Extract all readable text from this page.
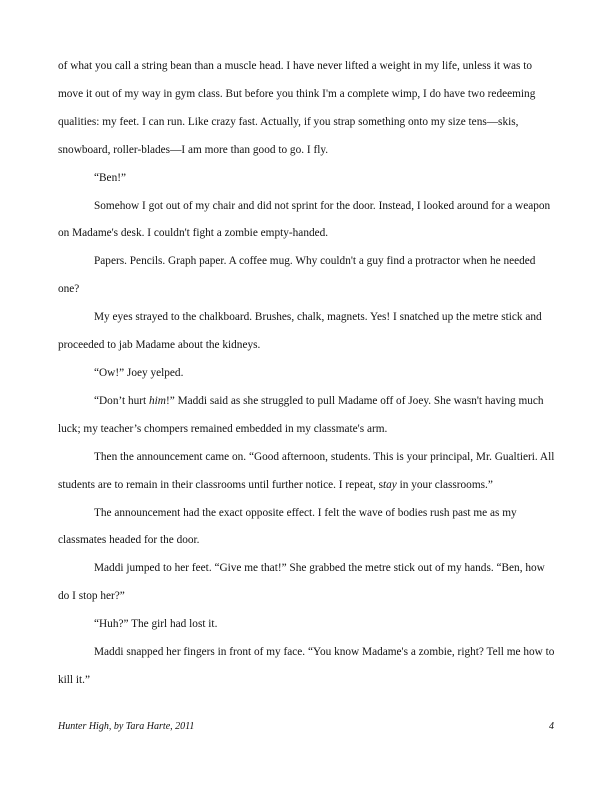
of what you call a string bean than a muscle head. I have never lifted a weight in my life, unless it was to move it out of my way in gym class. But before you think I'm a complete wimp, I do have two redeeming qualities: my feet. I can run. Like crazy fast. Actually, if you strap something onto my size tens—skis, snowboard, roller-blades—I am more than good to go. I fly.

“Ben!”

Somehow I got out of my chair and did not sprint for the door. Instead, I looked around for a weapon on Madame's desk. I couldn't fight a zombie empty-handed.

Papers. Pencils. Graph paper. A coffee mug. Why couldn't a guy find a protractor when he needed one?

My eyes strayed to the chalkboard. Brushes, chalk, magnets. Yes! I snatched up the metre stick and proceeded to jab Madame about the kidneys.

“Ow!” Joey yelped.

“Don’t hurt him!” Maddi said as she struggled to pull Madame off of Joey. She wasn't having much luck; my teacher’s chompers remained embedded in my classmate's arm.

Then the announcement came on. “Good afternoon, students. This is your principal, Mr. Gualtieri. All students are to remain in their classrooms until further notice. I repeat, stay in your classrooms.”

The announcement had the exact opposite effect. I felt the wave of bodies rush past me as my classmates headed for the door.

Maddi jumped to her feet. “Give me that!” She grabbed the metre stick out of my hands. “Ben, how do I stop her?”

“Huh?” The girl had lost it.

Maddi snapped her fingers in front of my face. “You know Madame's a zombie, right? Tell me how to kill it.”

Hunter High, by Tara Harte, 2011	4
